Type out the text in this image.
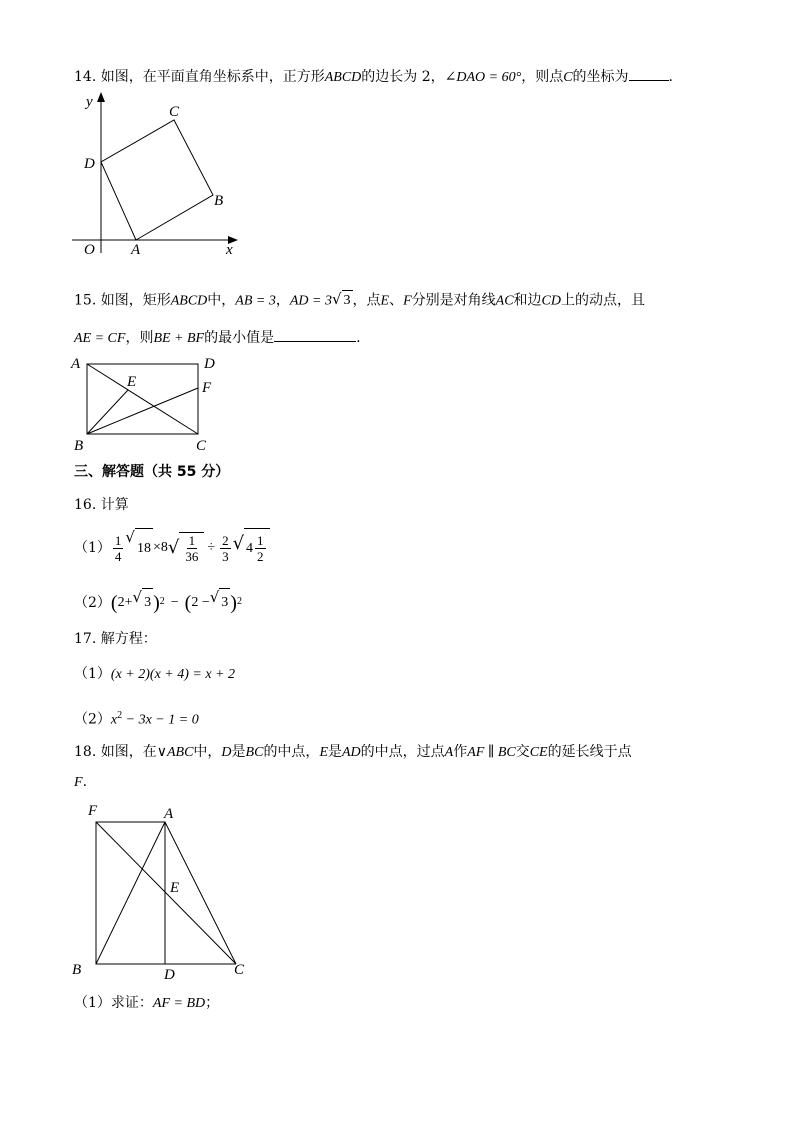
14. 如图，在平面直角坐标系中，正方形ABCD的边长为 2，∠DAO = 60°，则点C的坐标为	.
y
x
O A
B
C
D
15. 如图，矩形ABCD中，AB = 3，AD = 3 √ 3 ，点E、F分别是对角线AC和边CD上的动点，且
AE = CF，则BE + BF的最小值是	.
A	D
E	F
B	C
三、解答题（共 55 分）
16. 计算
$(1) \frac{1}{4}$ √
18 ×8 √ $\frac{1}{36} \div \frac{2}{3}$ √ $4 \frac{1}{2}$
（2） ( 2+ √ 3 ) 2 − ( 2 − √ 3 ) 2
17. 解方程：
（1）(x + 2)(x + 4) = x + 2
$(2)x^2 - 3x - 1 = 0$
18. 如图，在∨ABC中，D是BC的中点，E是AD的中点，过点A作AF ∥ BC交CE的延长线于点
F.
F	A
E
B	D	C
（1）求证：AF = BD；
